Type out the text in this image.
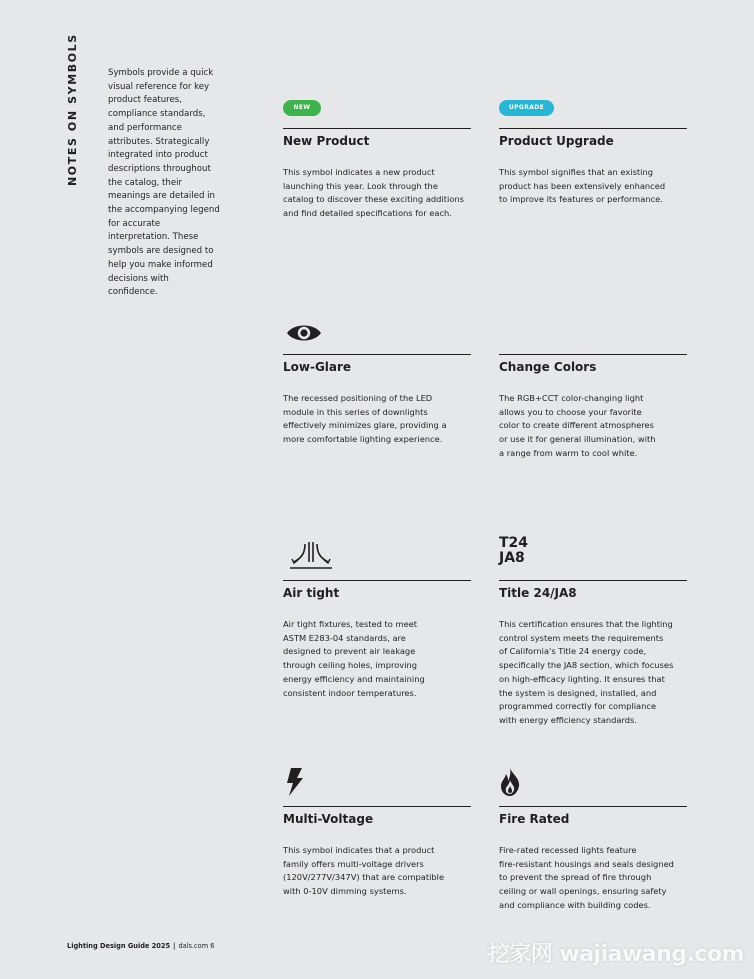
NOTES ON SYMBOLS	Symbols provide a quick visual reference for key product features, compliance standards, and performance attributes. Strategically integrated into product descriptions throughout the catalog, their meanings are detailed in the accompanying legend for accurate interpretation. These symbols are designed to help you make informed decisions with confidence.
NEW
New Product

This symbol indicates a new product
launching this year. Look through the
catalog to discover these exciting additions
and find detailed specifications for each.

UPGRADE
Product Upgrade

This symbol signifies that an existing
product has been extensively enhanced
to improve its features or performance.

Low-Glare

The recessed positioning of the LED
module in this series of downlights
effectively minimizes glare, providing a
more comfortable lighting experience.

Change Colors

The RGB+CCT color-changing light
allows you to choose your favorite
color to create different atmospheres
or use it for general illumination, with
a range from warm to cool white.

Air tight

Air tight fixtures, tested to meet
ASTM E283-04 standards, are
designed to prevent air leakage
through ceiling holes, improving
energy efficiency and maintaining
consistent indoor temperatures.

T24
JA8
Title 24/JA8

This certification ensures that the lighting
control system meets the requirements
of California's Title 24 energy code,
specifically the JA8 section, which focuses
on high-efficacy lighting. It ensures that
the system is designed, installed, and
programmed correctly for compliance
with energy efficiency standards.

Multi-Voltage

This symbol indicates that a product
family offers multi-voltage drivers
(120V/277V/347V) that are compatible
with 0-10V dimming systems.

Fire Rated

Fire-rated recessed lights feature
fire-resistant housings and seals designed
to prevent the spread of fire through
ceiling or wall openings, ensuring safety
and compliance with building codes.

Lighting Design Guide 2025 | dals.com 6	挖家网 wajiawang.com
